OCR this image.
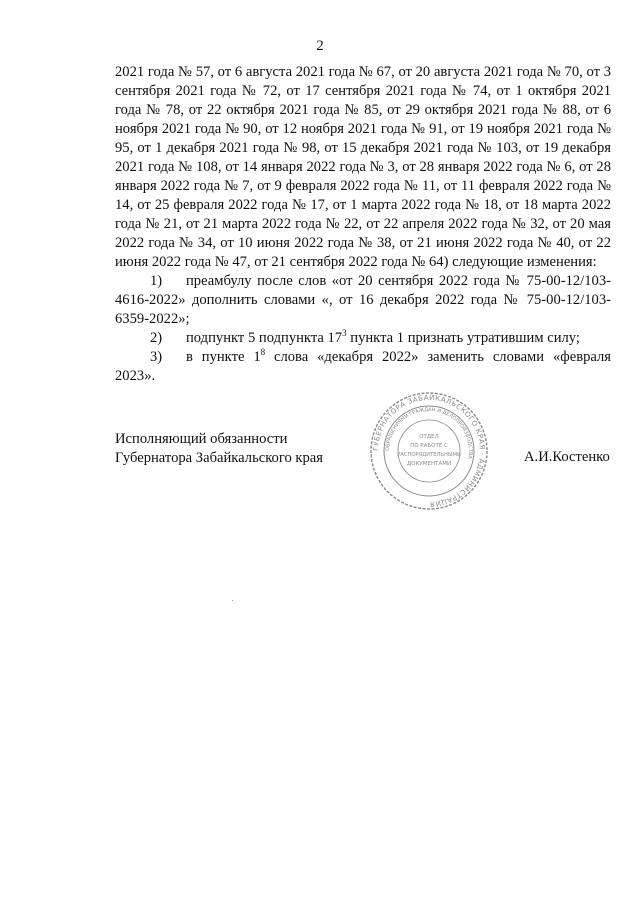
2

2021 года № 57, от 6 августа 2021 года № 67, от 20 августа 2021 года № 70, от 3 сентября 2021 года № 72, от 17 сентября 2021 года № 74, от 1 октября 2021 года № 78, от 22 октября 2021 года № 85, от 29 октября 2021 года № 88, от 6 ноября 2021 года № 90, от 12 ноября 2021 года № 91, от 19 ноября 2021 года № 95, от 1 декабря 2021 года № 98, от 15 декабря 2021 года № 103, от 19 декабря 2021 года № 108, от 14 января 2022 года № 3, от 28 января 2022 года № 6, от 28 января 2022 года № 7, от 9 февраля 2022 года № 11, от 11 февраля 2022 года № 14, от 25 февраля 2022 года № 17, от 1 марта 2022 года № 18, от 18 марта 2022 года № 21, от 21 марта 2022 года № 22, от 22 апреля 2022 года № 32, от 20 мая 2022 года № 34, от 10 июня 2022 года № 38, от 21 июня 2022 года № 40, от 22 июня 2022 года № 47, от 21 сентября 2022 года № 64) следующие изменения:

1) преамбулу после слов «от 20 сентября 2022 года № 75-00-12/103-4616-2022» дополнить словами «, от 16 декабря 2022 года № 75-00-12/103-6359-2022»;

2) подпункт 5 подпункта $17^3$ пункта 1 признать утратившим силу;

3) в пункте $1^8$ слова «декабря 2022» заменить словами «февраля 2023».

Исполняющий обязанности
Губернатора Забайкальского края
ГУБЕРНАТОРА ЗАБАЙКАЛЬСКОГО КРАЯ · АДМИНИСТРАЦИЯ
ОБРАЩЕНИЯМИ ГРАЖДАН И ДЕЛОПРОИЗВОДСТВА
ОТДЕЛ
ПО РАБОТЕ С
РАСПОРЯДИТЕЛЬНЫМИ
ДОКУМЕНТАМИ	А.И.Костенко
